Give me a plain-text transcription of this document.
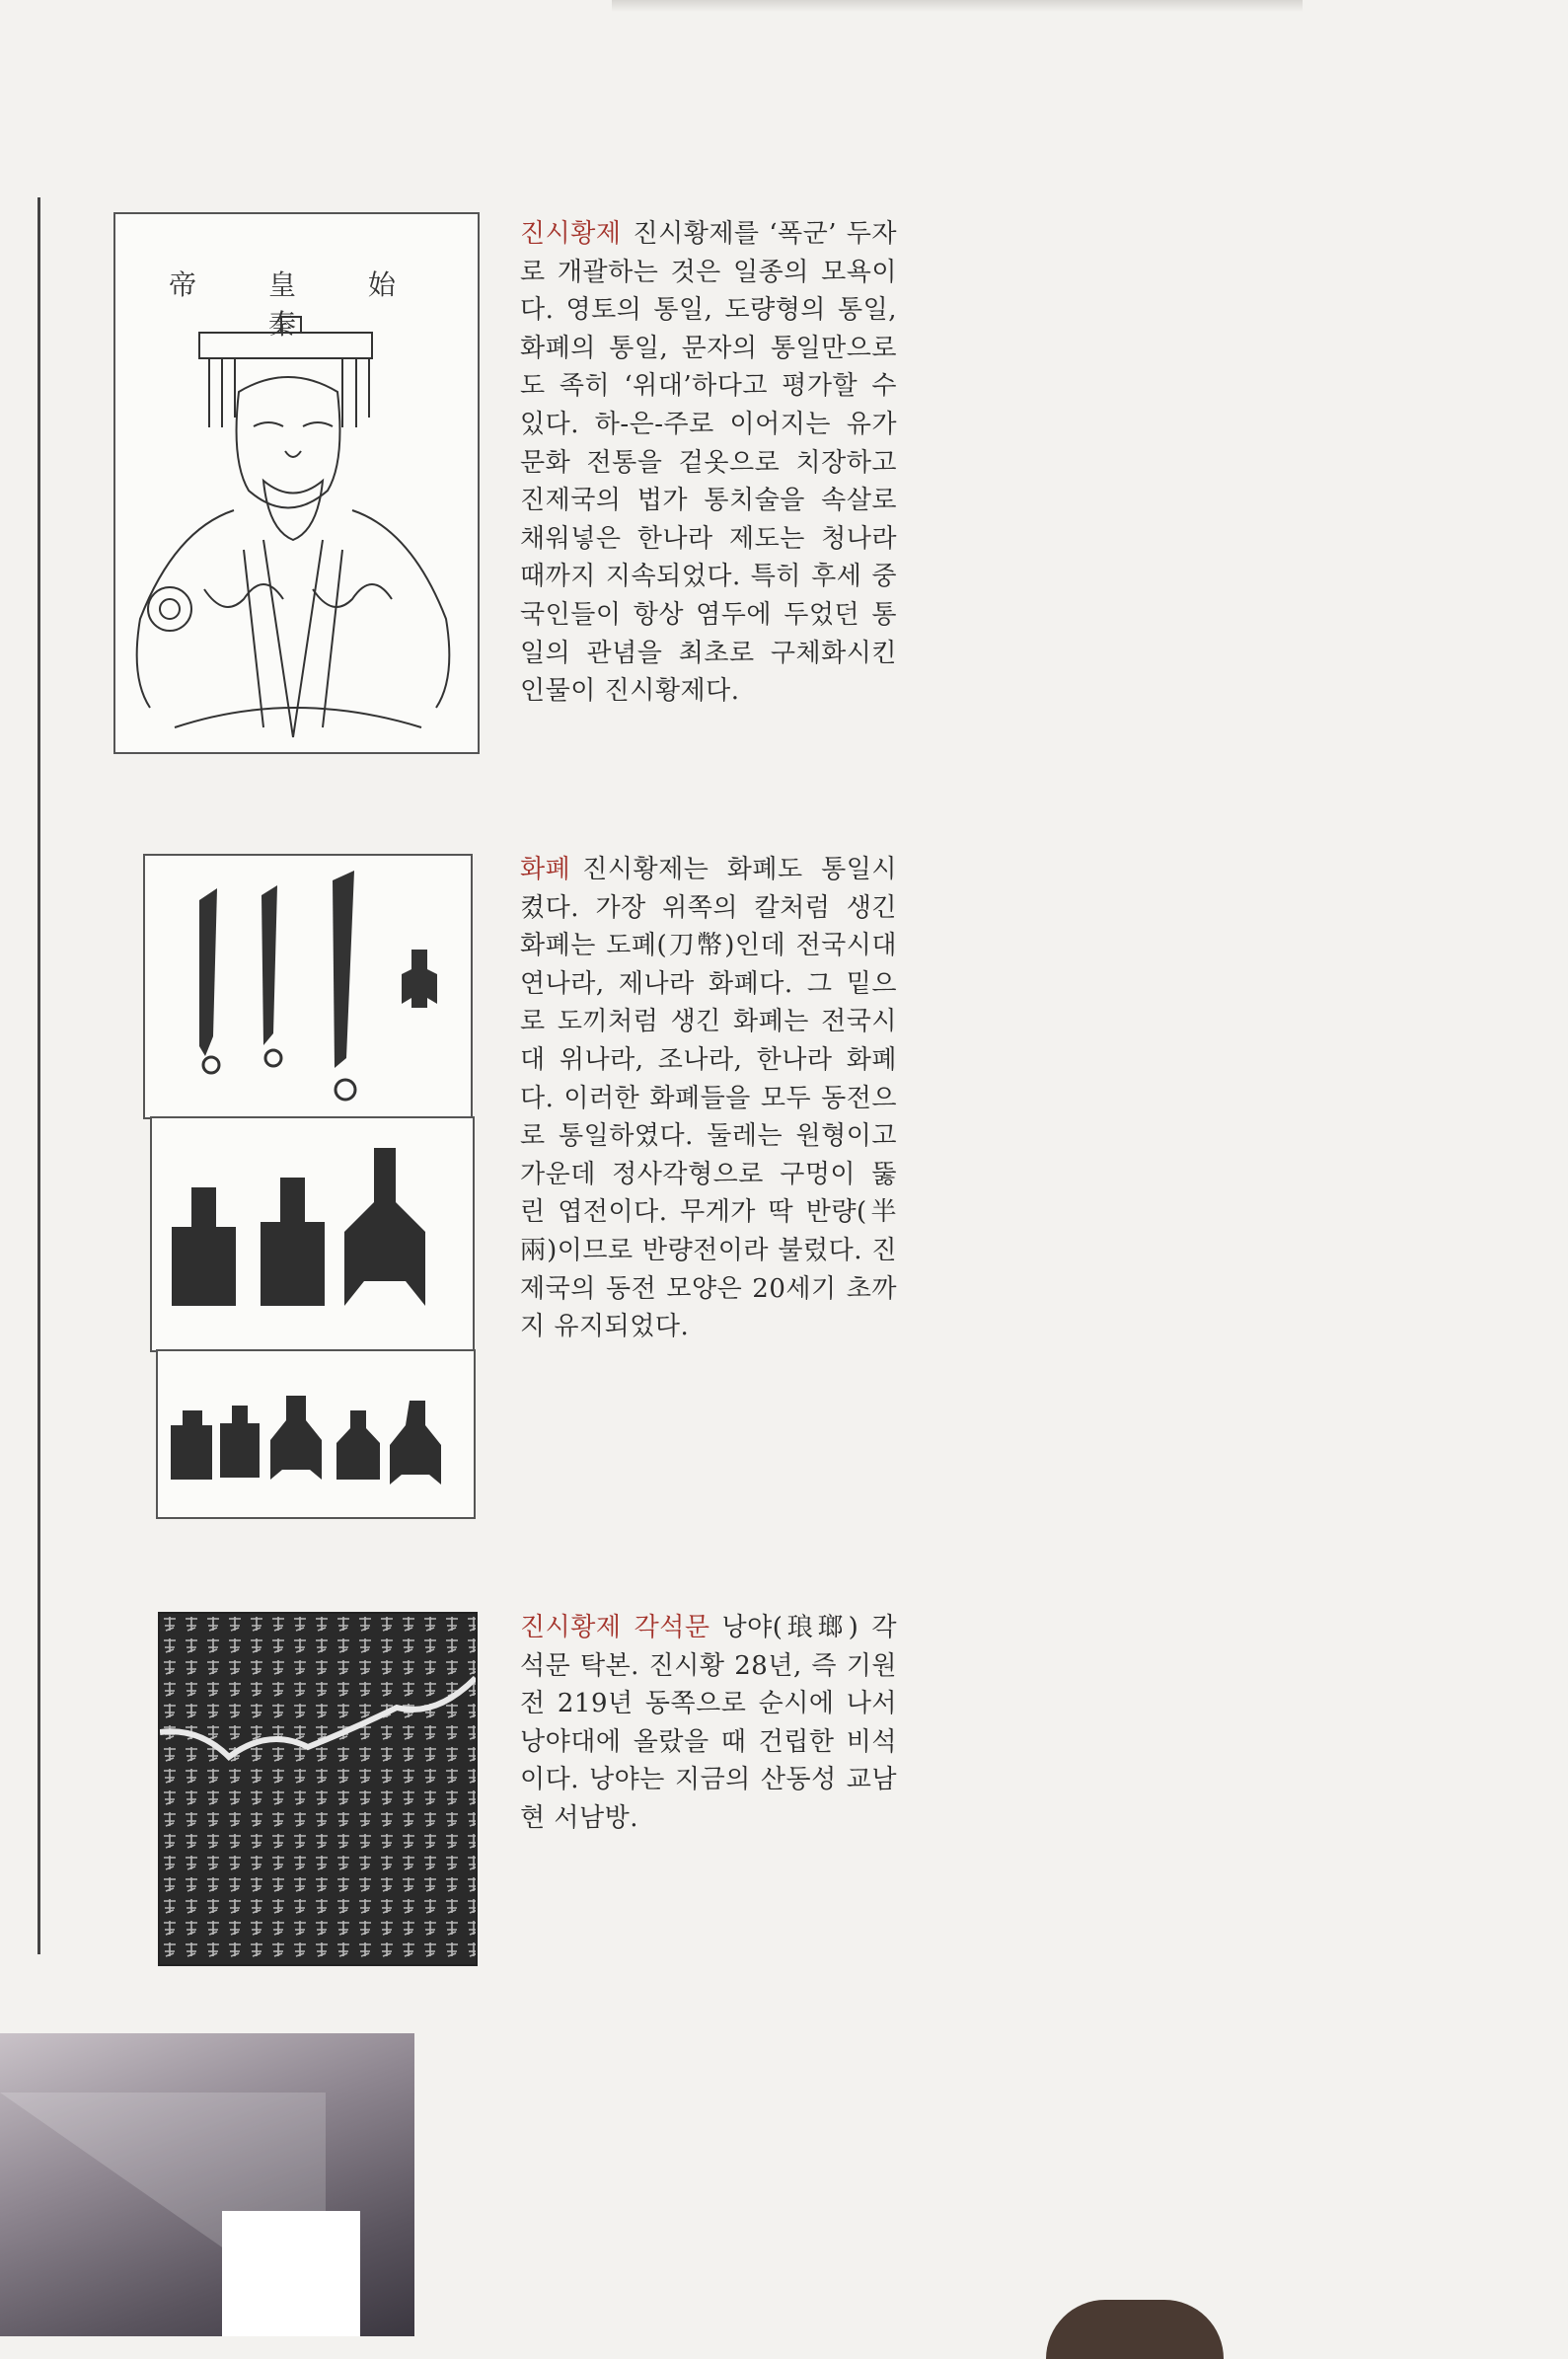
帝 皇 始 秦
진시황제 진시황제를 ‘폭군’ 두자로 개괄하는 것은 일종의 모욕이다. 영토의 통일, 도량형의 통일, 화폐의 통일, 문자의 통일만으로도 족히 ‘위대’하다고 평가할 수 있다. 하-은-주로 이어지는 유가 문화 전통을 겉옷으로 치장하고 진제국의 법가 통치술을 속살로 채워넣은 한나라 제도는 청나라 때까지 지속되었다. 특히 후세 중국인들이 항상 염두에 두었던 통일의 관념을 최초로 구체화시킨 인물이 진시황제다.
화폐 진시황제는 화폐도 통일시켰다. 가장 위쪽의 칼처럼 생긴 화폐는 도폐(刀幣)인데 전국시대 연나라, 제나라 화폐다. 그 밑으로 도끼처럼 생긴 화폐는 전국시대 위나라, 조나라, 한나라 화폐다. 이러한 화폐들을 모두 동전으로 통일하였다. 둘레는 원형이고 가운데 정사각형으로 구멍이 뚫린 엽전이다. 무게가 딱 반량(半兩)이므로 반량전이라 불렀다. 진제국의 동전 모양은 20세기 초까지 유지되었다.
진시황제 각석문 낭야(琅瑯) 각석문 탁본. 진시황 28년, 즉 기원전 219년 동쪽으로 순시에 나서 낭야대에 올랐을 때 건립한 비석이다. 낭야는 지금의 산동성 교남현 서남방.
